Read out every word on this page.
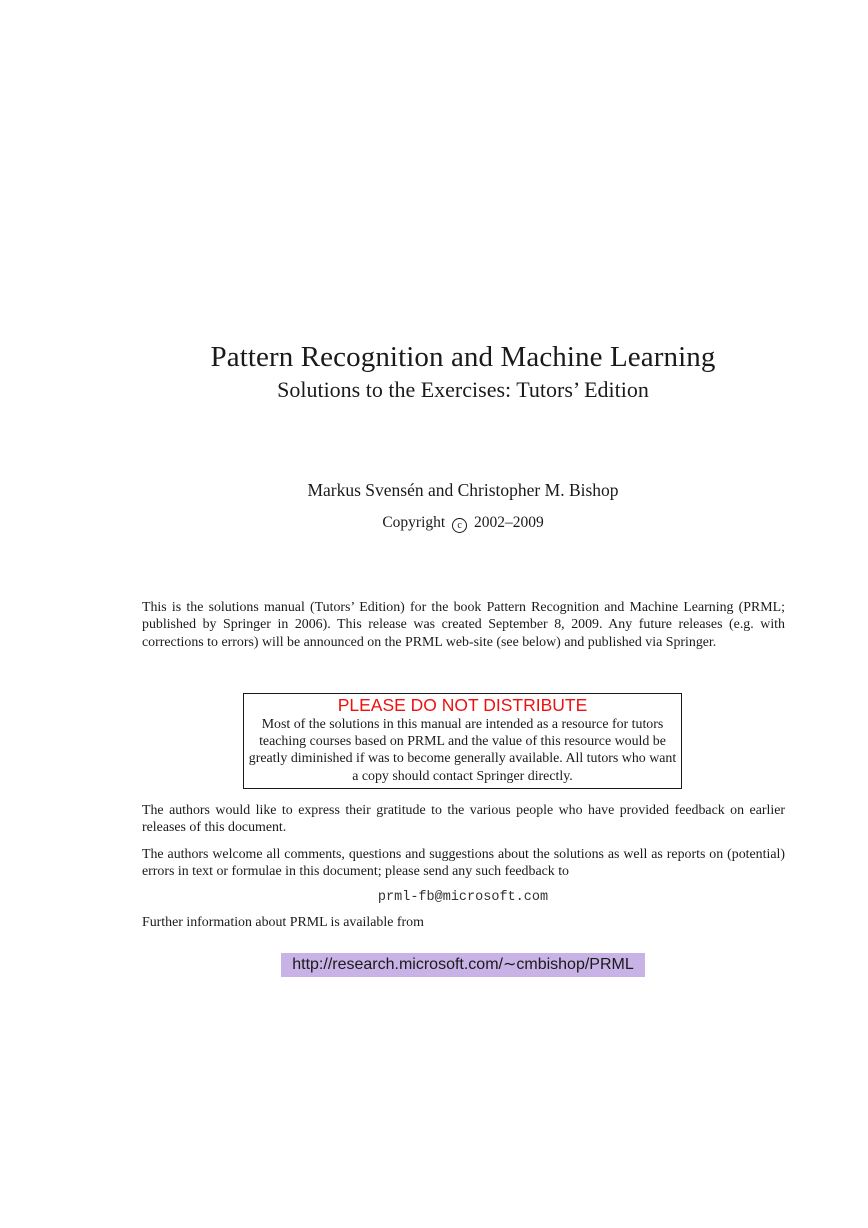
Pattern Recognition and Machine Learning
Solutions to the Exercises: Tutors’ Edition
Markus Svensén and Christopher M. Bishop
Copyright c 2002–2009

This is the solutions manual (Tutors’ Edition) for the book Pattern Recognition and Machine Learning (PRML; published by Springer in 2006). This release was created September 8, 2009. Any future releases (e.g. with corrections to errors) will be announced on the PRML web-site (see below) and published via Springer.

PLEASE DO NOT DISTRIBUTE
Most of the solutions in this manual are intended as a resource for tutors teaching courses based on PRML and the value of this resource would be greatly diminished if was to become generally available. All tutors who want a copy should contact Springer directly.

The authors would like to express their gratitude to the various people who have provided feedback on earlier releases of this document.

The authors welcome all comments, questions and suggestions about the solutions as well as reports on (potential) errors in text or formulae in this document; please send any such feedback to

prml-fb@microsoft.com

Further information about PRML is available from

http://research.microsoft.com/∼cmbishop/PRML
